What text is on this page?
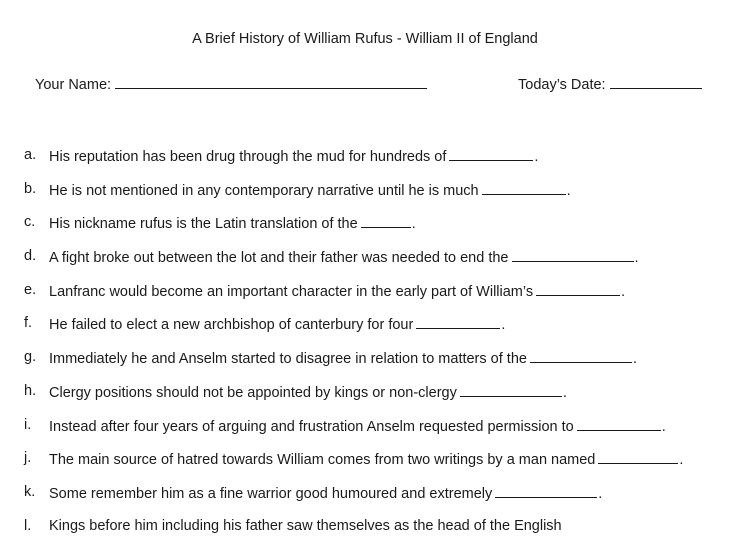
A Brief History of William Rufus - William II of England
Your Name:	Today’s Date:
a. His reputation has been drug through the mud for hundreds of	.
b. He is not mentioned in any contemporary narrative until he is much	.
c. His nickname rufus is the Latin translation of the	.
d. A fight broke out between the lot and their father was needed to end the	.
e. Lanfranc would become an important character in the early part of William’s	.
f.	He failed to elect a new archbishop of canterbury for four	.
g. Immediately he and Anselm started to disagree in relation to matters of the	.
h. Clergy positions should not be appointed by kings or non-clergy	.
i.	Instead after four years of arguing and frustration Anselm requested permission to	.
j.	The main source of hatred towards William comes from two writings by a man named	.
k. Some remember him as a fine warrior good humoured and extremely	.
l.	Kings before him including his father saw themselves as the head of the English
